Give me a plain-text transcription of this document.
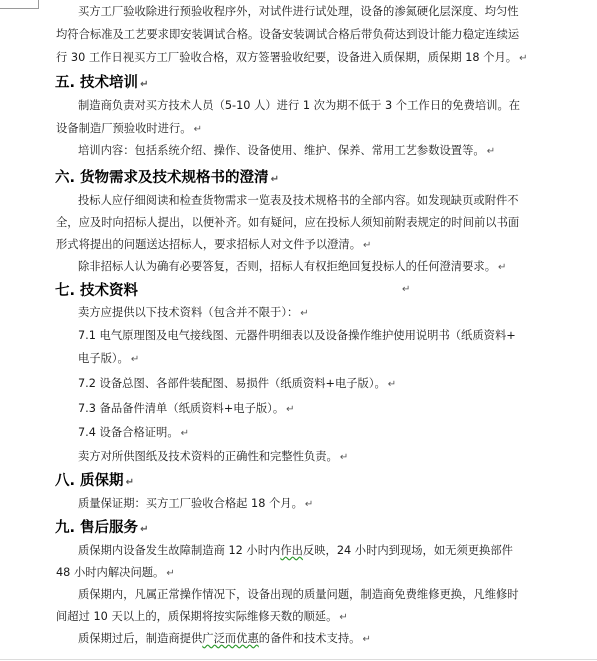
买方工厂验收除进行预验收程序外，对试件进行试处理，设备的渗氮硬化层深度、均匀性
均符合标准及工艺要求即安装调试合格。设备安装调试合格后带负荷达到设计能力稳定连续运
行 30 工作日视买方工厂验收合格，双方签署验收纪要，设备进入质保期，质保期 18 个月。 ↵
五. 技术培训 ↵
制造商负责对买方技术人员（5-10 人）进行 1 次为期不低于 3 个工作日的免费培训。在
设备制造厂预验收时进行。 ↵
培训内容：包括系统介绍、操作、设备使用、维护、保养、常用工艺参数设置等。 ↵
六. 货物需求及技术规格书的澄清 ↵
投标人应仔细阅读和检查货物需求一览表及技术规格书的全部内容。如发现缺页或附件不
全，应及时向招标人提出，以便补齐。如有疑问，应在投标人须知前附表规定的时间前以书面
形式将提出的问题送达招标人，要求招标人对文件予以澄清。 ↵
除非招标人认为确有必要答复，否则，招标人有权拒绝回复投标人的任何澄清要求。 ↵
七. 技术资料	↵
卖方应提供以下技术资料（包含并不限于）： ↵
7.1 电气原理图及电气接线图、元器件明细表以及设备操作维护使用说明书（纸质资料+
电子版）。 ↵
7.2 设备总图、各部件装配图、易损件（纸质资料+电子版）。 ↵
7.3 备品备件清单（纸质资料+电子版）。 ↵
7.4 设备合格证明。 ↵
卖方对所供图纸及技术资料的正确性和完整性负责。 ↵
八. 质保期 ↵
质量保证期：买方工厂验收合格起 18 个月。 ↵
九. 售后服务 ↵
质保期内设备发生故障制造商 12 小时内作出反映，24 小时内到现场，如无须更换部件
48 小时内解决问题。 ↵
质保期内，凡属正常操作情况下，设备出现的质量问题，制造商免费维修更换，凡维修时
间超过 10 天以上的，质保期将按实际维修天数的顺延。 ↵
质保期过后，制造商提供广泛而优惠的备件和技术支持。 ↵
